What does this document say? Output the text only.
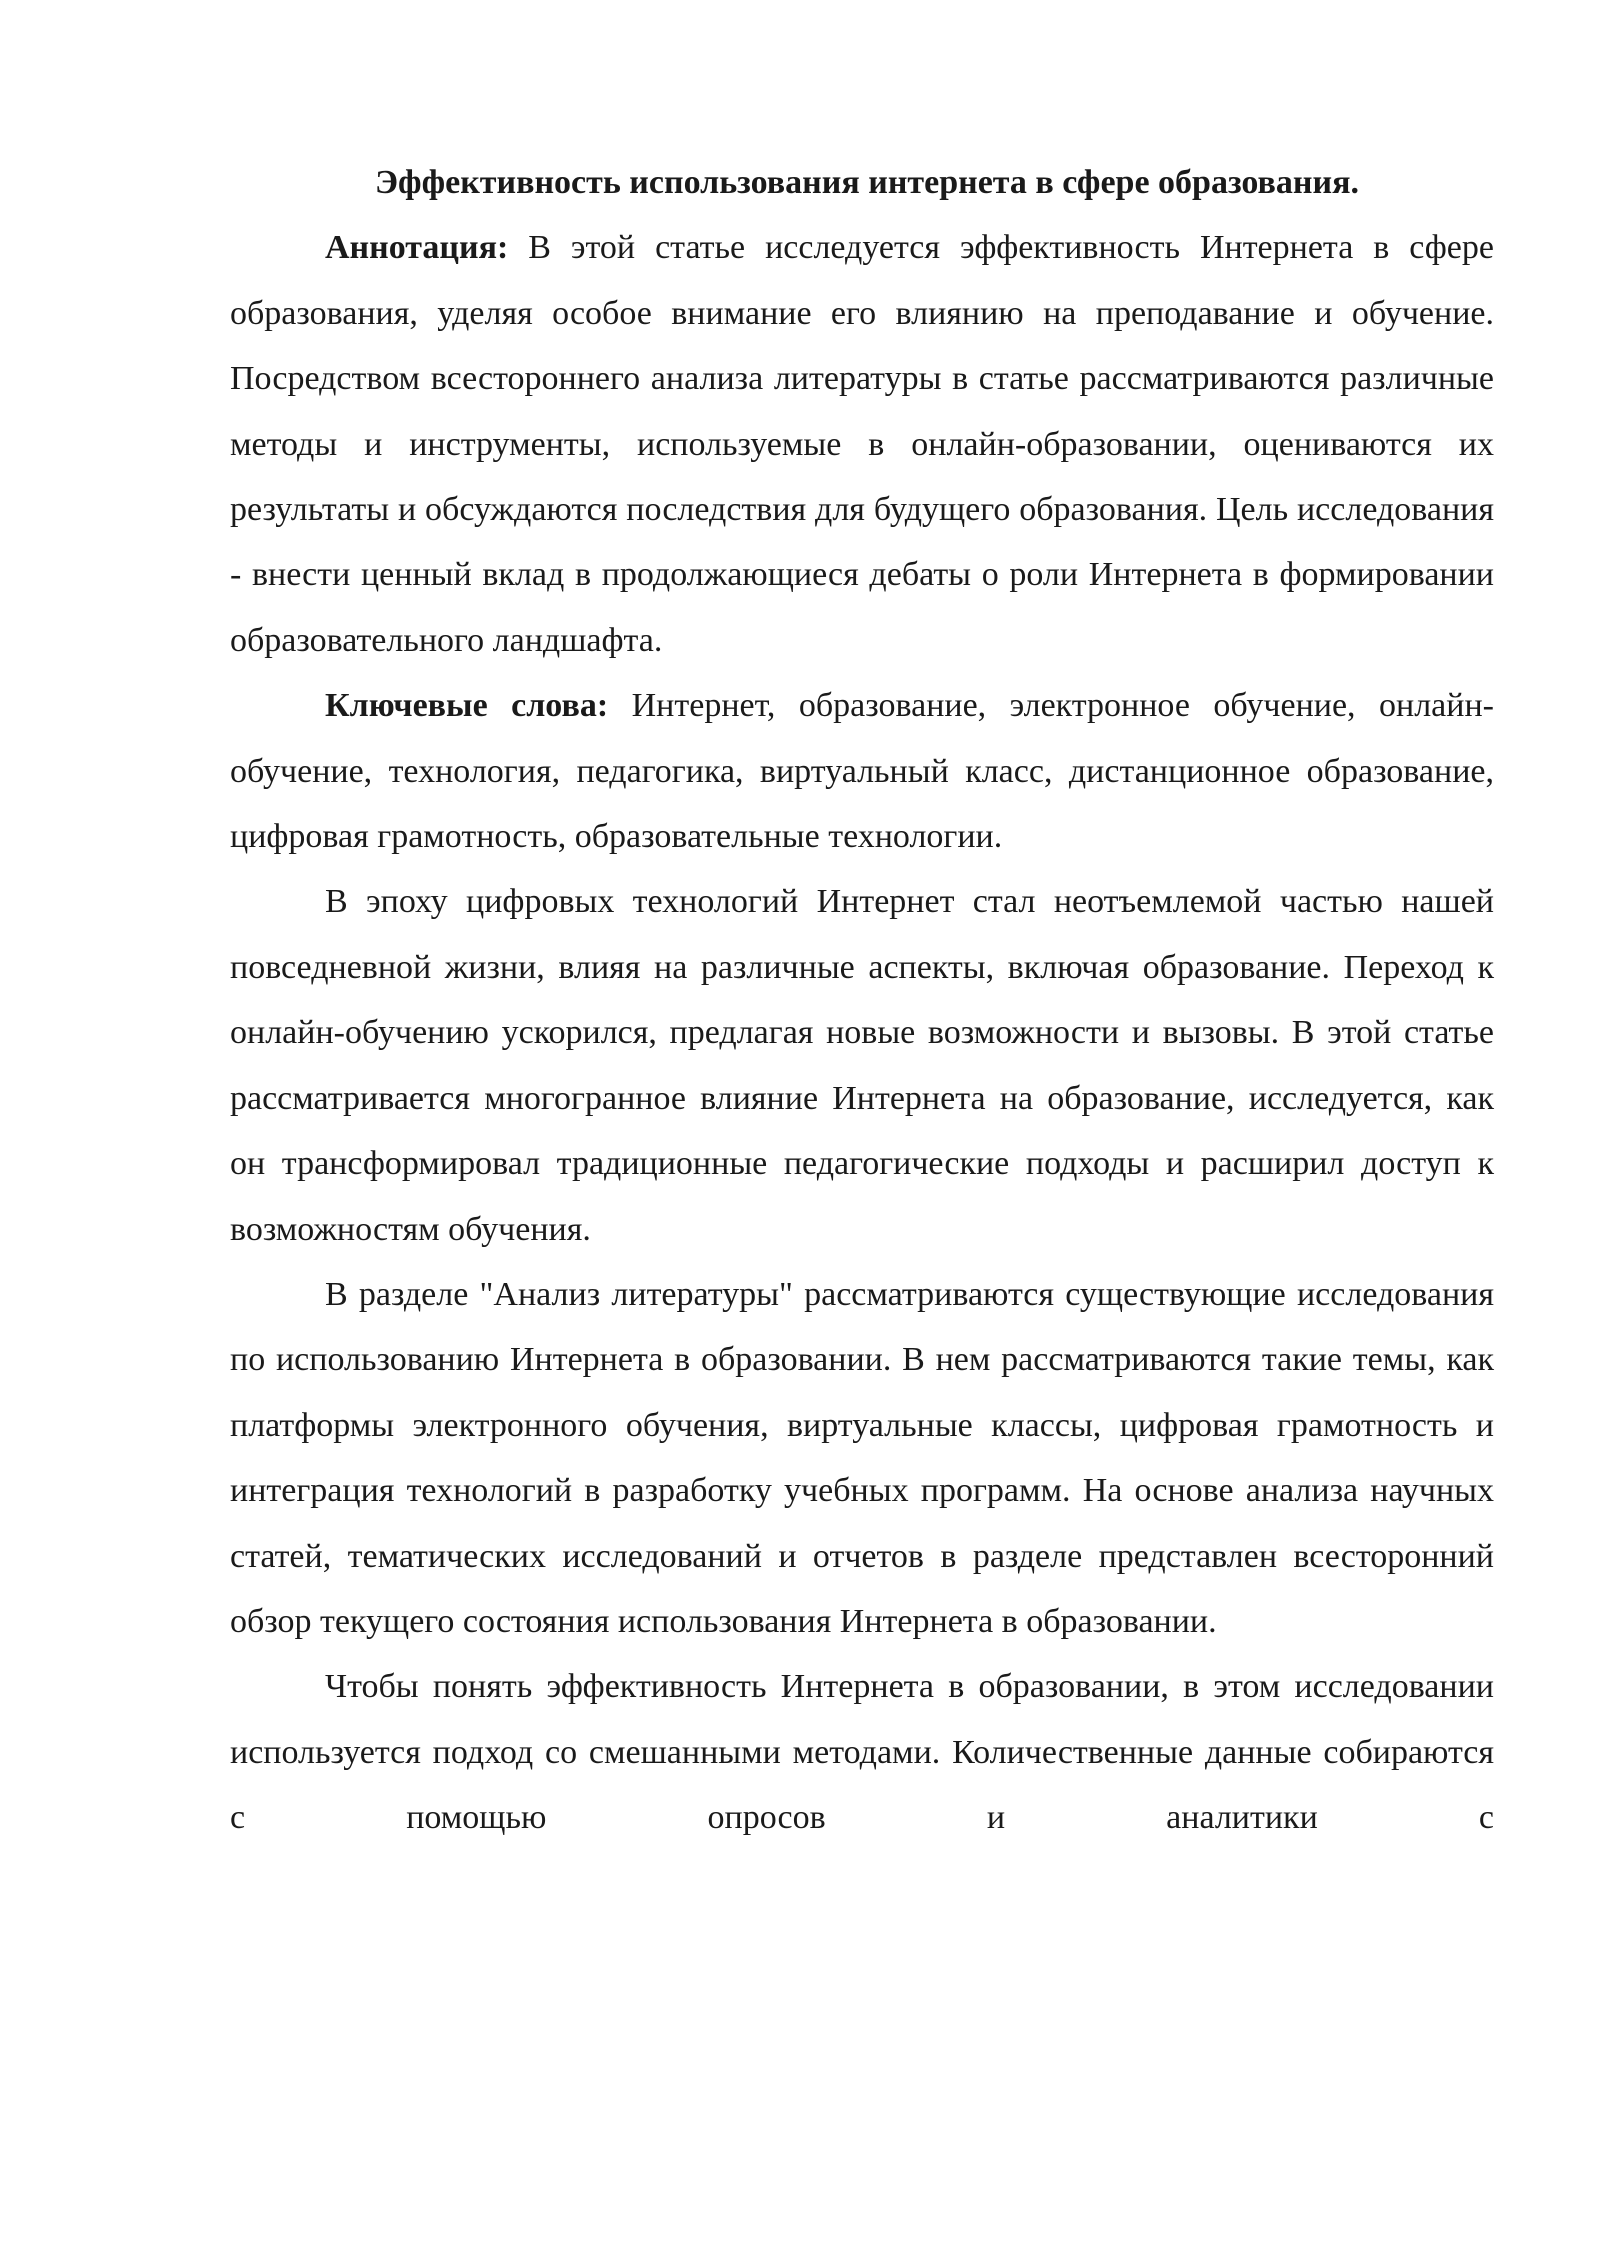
Эффективность использования интернета в сфере образования.

Аннотация: В этой статье исследуется эффективность Интернета в сфере образования, уделяя особое внимание его влиянию на преподавание и обучение. Посредством всестороннего анализа литературы в статье рассматриваются различные методы и инструменты, используемые в онлайн-образовании, оцениваются их результаты и обсуждаются последствия для будущего образования. Цель исследования - внести ценный вклад в продолжающиеся дебаты о роли Интернета в формировании образовательного ландшафта.

Ключевые слова: Интернет, образование, электронное обучение, онлайн-обучение, технология, педагогика, виртуальный класс, дистанционное образование, цифровая грамотность, образовательные технологии.

В эпоху цифровых технологий Интернет стал неотъемлемой частью нашей повседневной жизни, влияя на различные аспекты, включая образование. Переход к онлайн-обучению ускорился, предлагая новые возможности и вызовы. В этой статье рассматривается многогранное влияние Интернета на образование, исследуется, как он трансформировал традиционные педагогические подходы и расширил доступ к возможностям обучения.

В разделе "Анализ литературы" рассматриваются существующие исследования по использованию Интернета в образовании. В нем рассматриваются такие темы, как платформы электронного обучения, виртуальные классы, цифровая грамотность и интеграция технологий в разработку учебных программ. На основе анализа научных статей, тематических исследований и отчетов в разделе представлен всесторонний обзор текущего состояния использования Интернета в образовании.

Чтобы понять эффективность Интернета в образовании, в этом исследовании используется подход со смешанными методами. Количественные данные собираются с помощью опросов и аналитики с
